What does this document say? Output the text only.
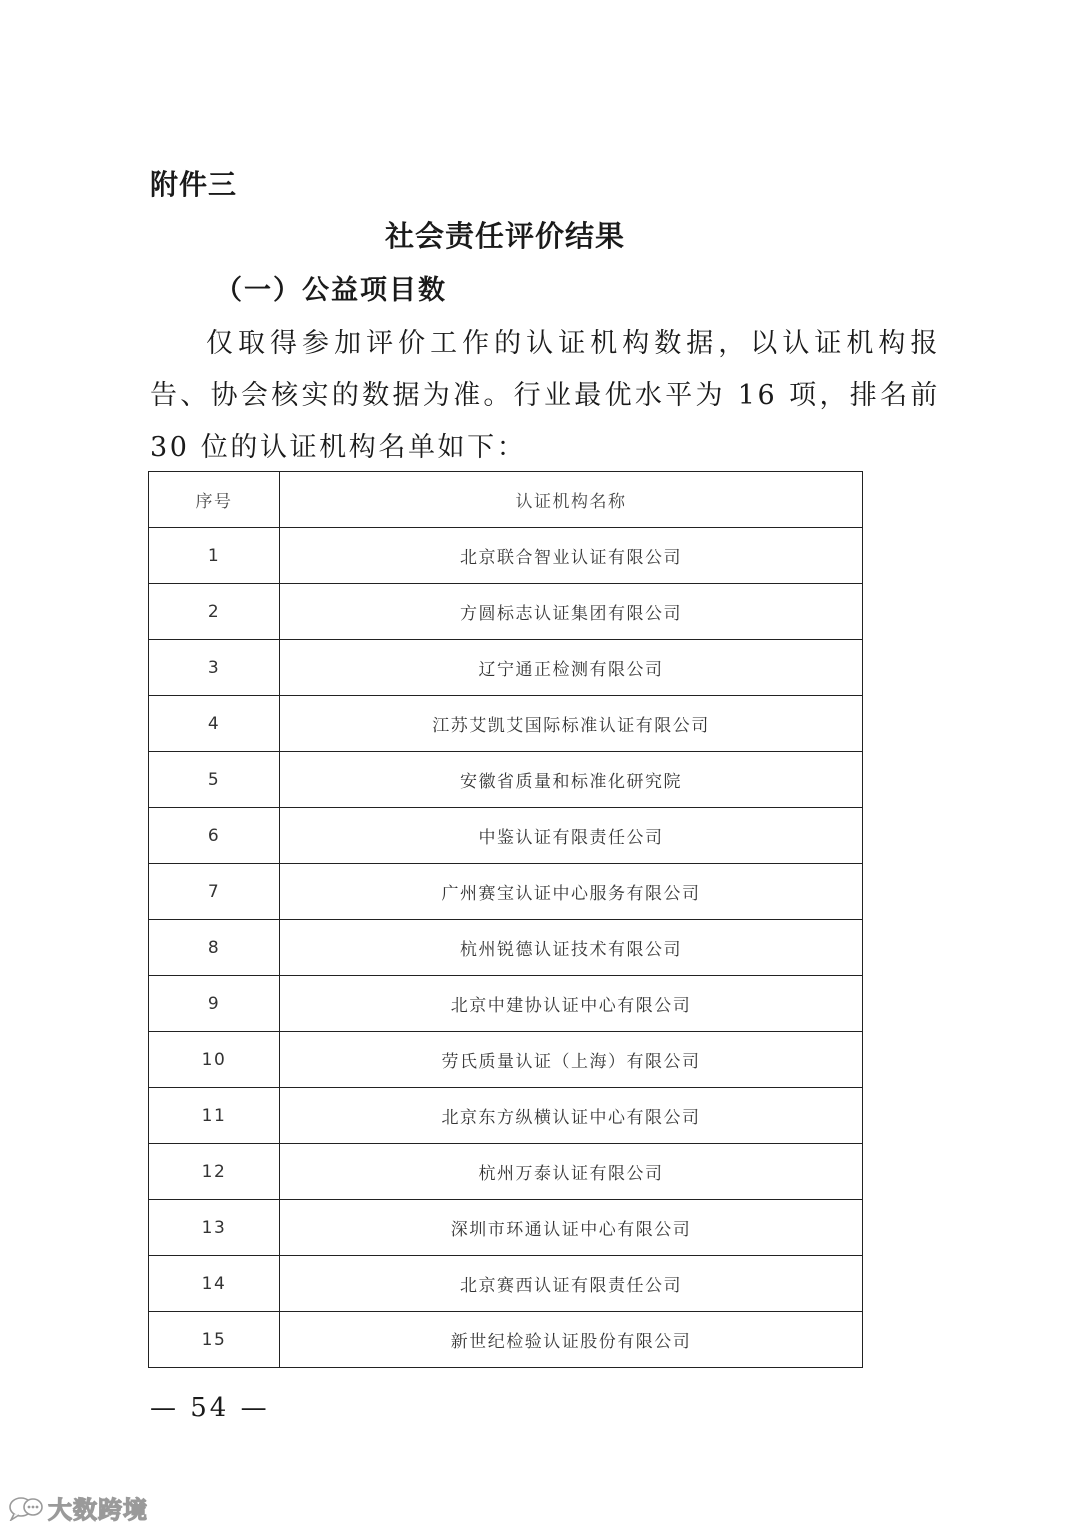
附件三
社会责任评价结果
（一）公益项目数

仅取得参加评价工作的认证机构数据，以认证机构报告、协会核实的数据为准。行业最优水平为 16 项，排名前 30 位的认证机构名单如下：

序号	认证机构名称
1	北京联合智业认证有限公司
2	方圆标志认证集团有限公司
3	辽宁通正检测有限公司
4	江苏艾凯艾国际标准认证有限公司
5	安徽省质量和标准化研究院
6	中鉴认证有限责任公司
7	广州赛宝认证中心服务有限公司
8	杭州锐德认证技术有限公司
9	北京中建协认证中心有限公司
10	劳氏质量认证（上海）有限公司
11	北京东方纵横认证中心有限公司
12	杭州万泰认证有限公司
13	深圳市环通认证中心有限公司
14	北京赛西认证有限责任公司
15	新世纪检验认证股份有限公司
— 54 —
大数跨境
